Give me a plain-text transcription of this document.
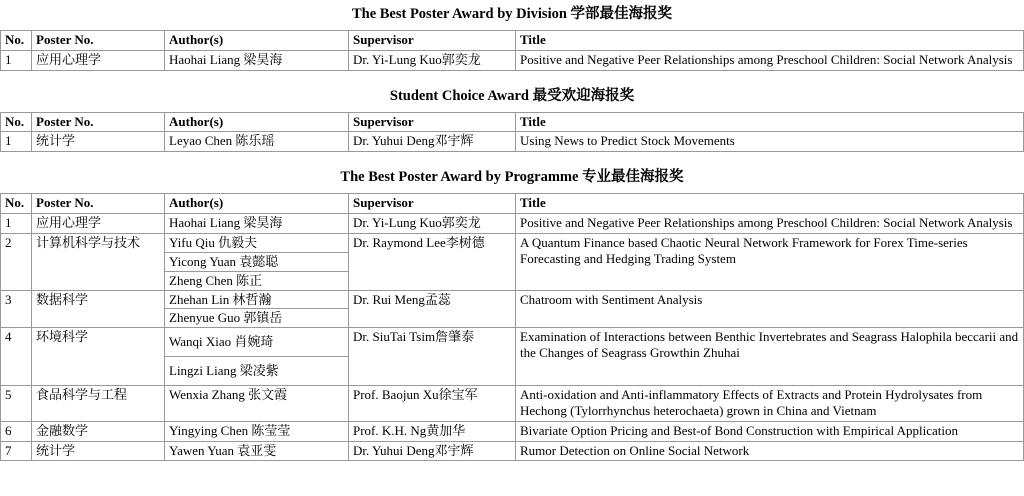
The Best Poster Award by Division 学部最佳海报奖
No.	Poster No.	Author(s)	Supervisor	Title
1	应用心理学	Haohai Liang 梁昊海	Dr. Yi-Lung Kuo郭奕龙	Positive and Negative Peer Relationships among Preschool Children: Social Network Analysis
Student Choice Award 最受欢迎海报奖
No.	Poster No.	Author(s)	Supervisor	Title
1	统计学	Leyao Chen 陈乐瑶	Dr. Yuhui Deng邓宇辉	Using News to Predict Stock Movements
The Best Poster Award by Programme 专业最佳海报奖
No.	Poster No.	Author(s)	Supervisor	Title
1	应用心理学	Haohai Liang 梁昊海	Dr. Yi-Lung Kuo郭奕龙	Positive and Negative Peer Relationships among Preschool Children: Social Network Analysis
2	计算机科学与技术	Yifu Qiu 仇毅夫
Yicong Yuan 袁懿聪
Zheng Chen 陈正	Dr. Raymond Lee李树德	A Quantum Finance based Chaotic Neural Network Framework for Forex Time-series Forecasting and Hedging Trading System
3	数据科学	Zhehan Lin 林哲瀚
Zhenyue Guo 郭镇岳	Dr. Rui Meng孟蕊	Chatroom with Sentiment Analysis
4	环境科学	Wanqi Xiao 肖婉琦
Lingzi Liang 梁凌紫	Dr. SiuTai Tsim詹肇泰	Examination of Interactions between Benthic Invertebrates and Seagrass Halophila beccarii and the Changes of Seagrass Growthin Zhuhai
5	食品科学与工程	Wenxia Zhang 张文霞	Prof. Baojun Xu徐宝军	Anti-oxidation and Anti-inflammatory Effects of Extracts and Protein Hydrolysates from Hechong (Tylorrhynchus heterochaeta) grown in China and Vietnam
6	金融数学	Yingying Chen 陈莹莹	Prof. K.H. Ng黄加华	Bivariate Option Pricing and Best-of Bond Construction with Empirical Application
7	统计学	Yawen Yuan 袁亚雯	Dr. Yuhui Deng邓宇辉	Rumor Detection on Online Social Network
